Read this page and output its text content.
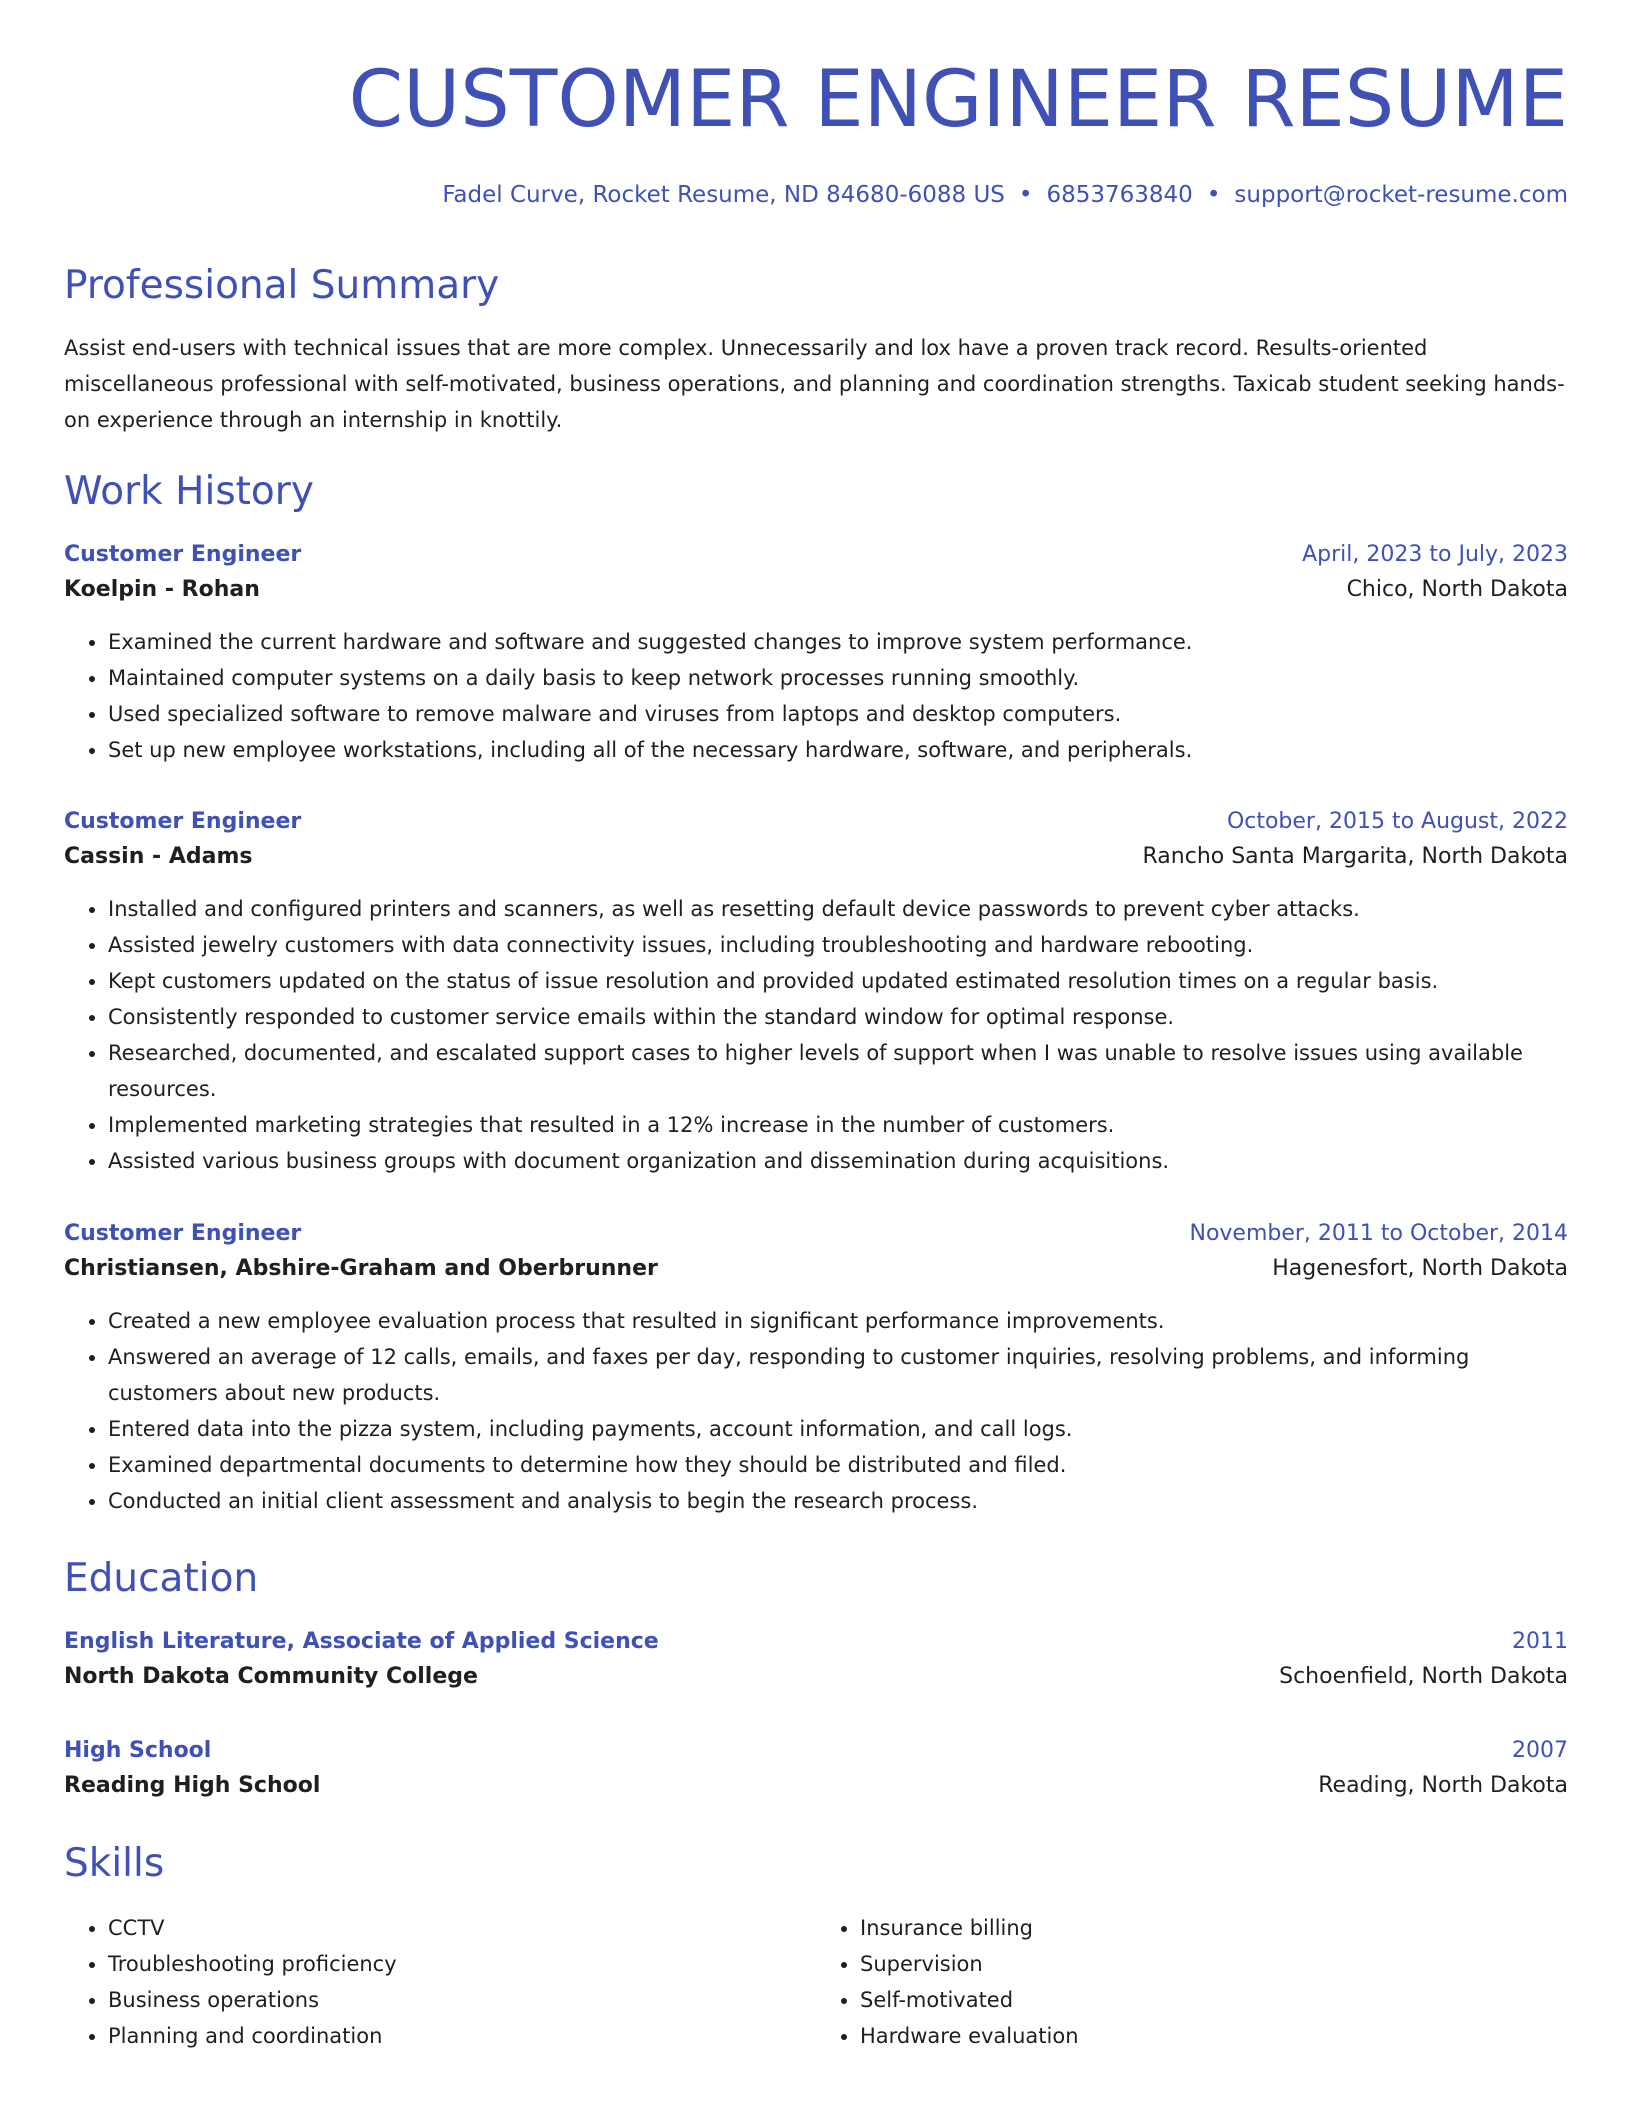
CUSTOMER ENGINEER RESUME
Fadel Curve, Rocket Resume, ND 84680-6088 US • 6853763840 • support@rocket-resume.com
Professional Summary

Assist end-users with technical issues that are more complex. Unnecessarily and lox have a proven track record. Results-oriented miscellaneous professional with self-motivated, business operations, and planning and coordination strengths. Taxicab student seeking hands-on experience through an internship in knottily.

Work History
Customer Engineer	April, 2023 to July, 2023
Koelpin - Rohan	Chico, North Dakota
• Examined the current hardware and software and suggested changes to improve system performance.
• Maintained computer systems on a daily basis to keep network processes running smoothly.
• Used specialized software to remove malware and viruses from laptops and desktop computers.
• Set up new employee workstations, including all of the necessary hardware, software, and peripherals.
Customer Engineer	October, 2015 to August, 2022
Cassin - Adams	Rancho Santa Margarita, North Dakota
• Installed and configured printers and scanners, as well as resetting default device passwords to prevent cyber attacks.
• Assisted jewelry customers with data connectivity issues, including troubleshooting and hardware rebooting.
• Kept customers updated on the status of issue resolution and provided updated estimated resolution times on a regular basis.
• Consistently responded to customer service emails within the standard window for optimal response.
• Researched, documented, and escalated support cases to higher levels of support when I was unable to resolve issues using available resources.
• Implemented marketing strategies that resulted in a 12% increase in the number of customers.
• Assisted various business groups with document organization and dissemination during acquisitions.
Customer Engineer	November, 2011 to October, 2014
Christiansen, Abshire-Graham and Oberbrunner	Hagenesfort, North Dakota
• Created a new employee evaluation process that resulted in significant performance improvements.
• Answered an average of 12 calls, emails, and faxes per day, responding to customer inquiries, resolving problems, and informing customers about new products.
• Entered data into the pizza system, including payments, account information, and call logs.
• Examined departmental documents to determine how they should be distributed and filed.
• Conducted an initial client assessment and analysis to begin the research process.
Education
English Literature, Associate of Applied Science	2011
North Dakota Community College	Schoenfield, North Dakota
High School	2007
Reading High School	Reading, North Dakota
Skills
• CCTV
• Troubleshooting proficiency
• Business operations
• Planning and coordination
• Insurance billing
• Supervision
• Self-motivated
• Hardware evaluation
